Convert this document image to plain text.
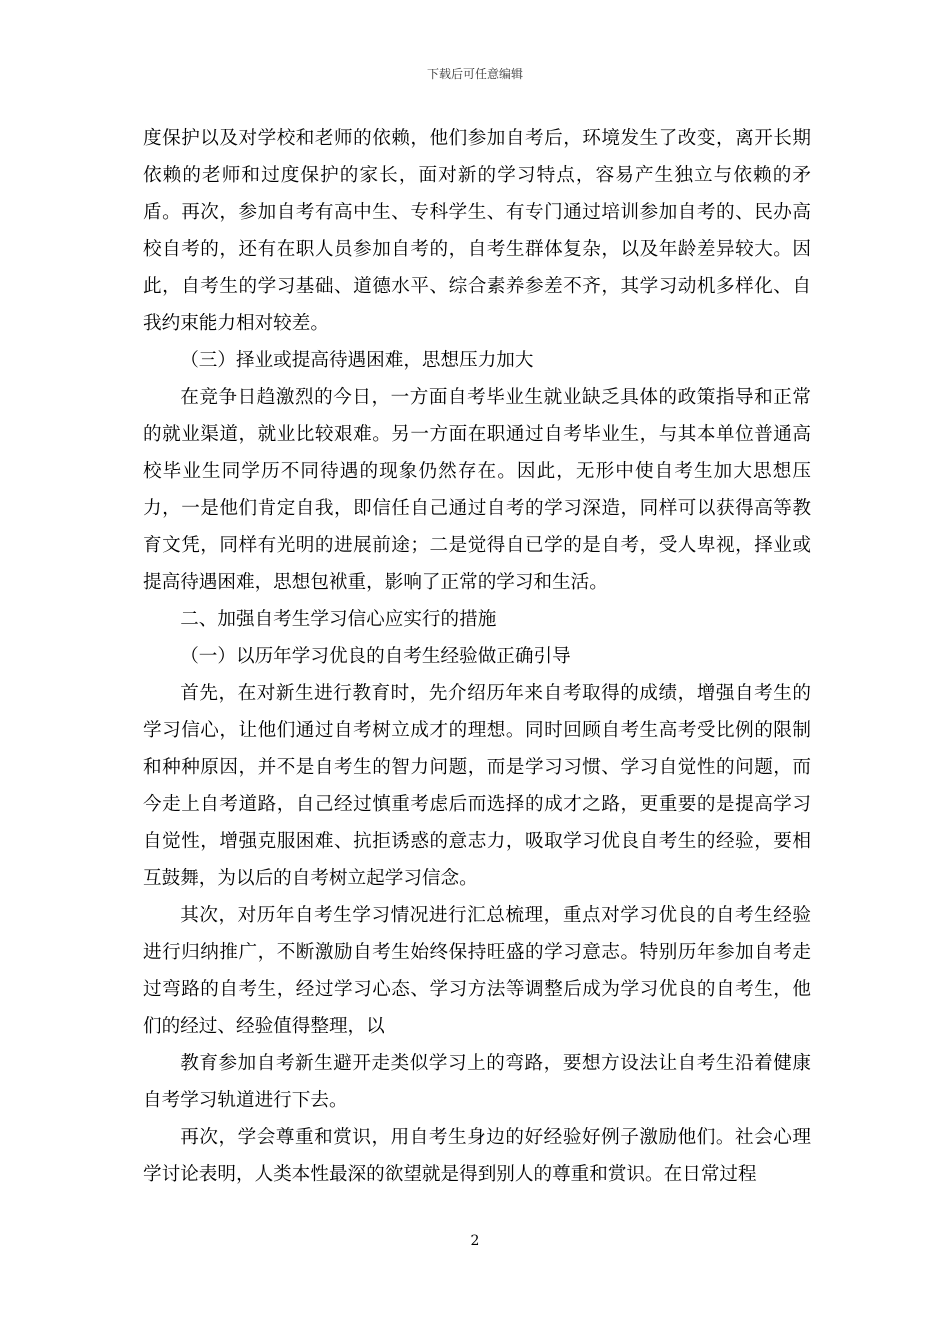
下载后可任意编辑

度保护以及对学校和老师的依赖，他们参加自考后，环境发生了改变，离开长期依赖的老师和过度保护的家长，面对新的学习特点，容易产生独立与依赖的矛盾。再次，参加自考有高中生、专科学生、有专门通过培训参加自考的、民办高校自考的，还有在职人员参加自考的，自考生群体复杂，以及年龄差异较大。因此，自考生的学习基础、道德水平、综合素养参差不齐，其学习动机多样化、自我约束能力相对较差。

（三）择业或提高待遇困难，思想压力加大

在竞争日趋激烈的今日，一方面自考毕业生就业缺乏具体的政策指导和正常的就业渠道，就业比较艰难。另一方面在职通过自考毕业生，与其本单位普通高校毕业生同学历不同待遇的现象仍然存在。因此，无形中使自考生加大思想压力，一是他们肯定自我，即信任自己通过自考的学习深造，同样可以获得高等教育文凭，同样有光明的进展前途；二是觉得自已学的是自考，受人卑视，择业或提高待遇困难，思想包袱重，影响了正常的学习和生活。

二、加强自考生学习信心应实行的措施

（一）以历年学习优良的自考生经验做正确引导

首先，在对新生进行教育时，先介绍历年来自考取得的成绩，增强自考生的学习信心，让他们通过自考树立成才的理想。同时回顾自考生高考受比例的限制和种种原因，并不是自考生的智力问题，而是学习习惯、学习自觉性的问题，而今走上自考道路，自己经过慎重考虑后而选择的成才之路，更重要的是提高学习自觉性，增强克服困难、抗拒诱惑的意志力，吸取学习优良自考生的经验，要相互鼓舞，为以后的自考树立起学习信念。

其次，对历年自考生学习情况进行汇总梳理，重点对学习优良的自考生经验进行归纳推广，不断激励自考生始终保持旺盛的学习意志。特别历年参加自考走过弯路的自考生，经过学习心态、学习方法等调整后成为学习优良的自考生，他们的经过、经验值得整理，以

教育参加自考新生避开走类似学习上的弯路，要想方设法让自考生沿着健康自考学习轨道进行下去。

再次，学会尊重和赏识，用自考生身边的好经验好例子激励他们。社会心理学讨论表明，人类本性最深的欲望就是得到别人的尊重和赏识。在日常过程

2
